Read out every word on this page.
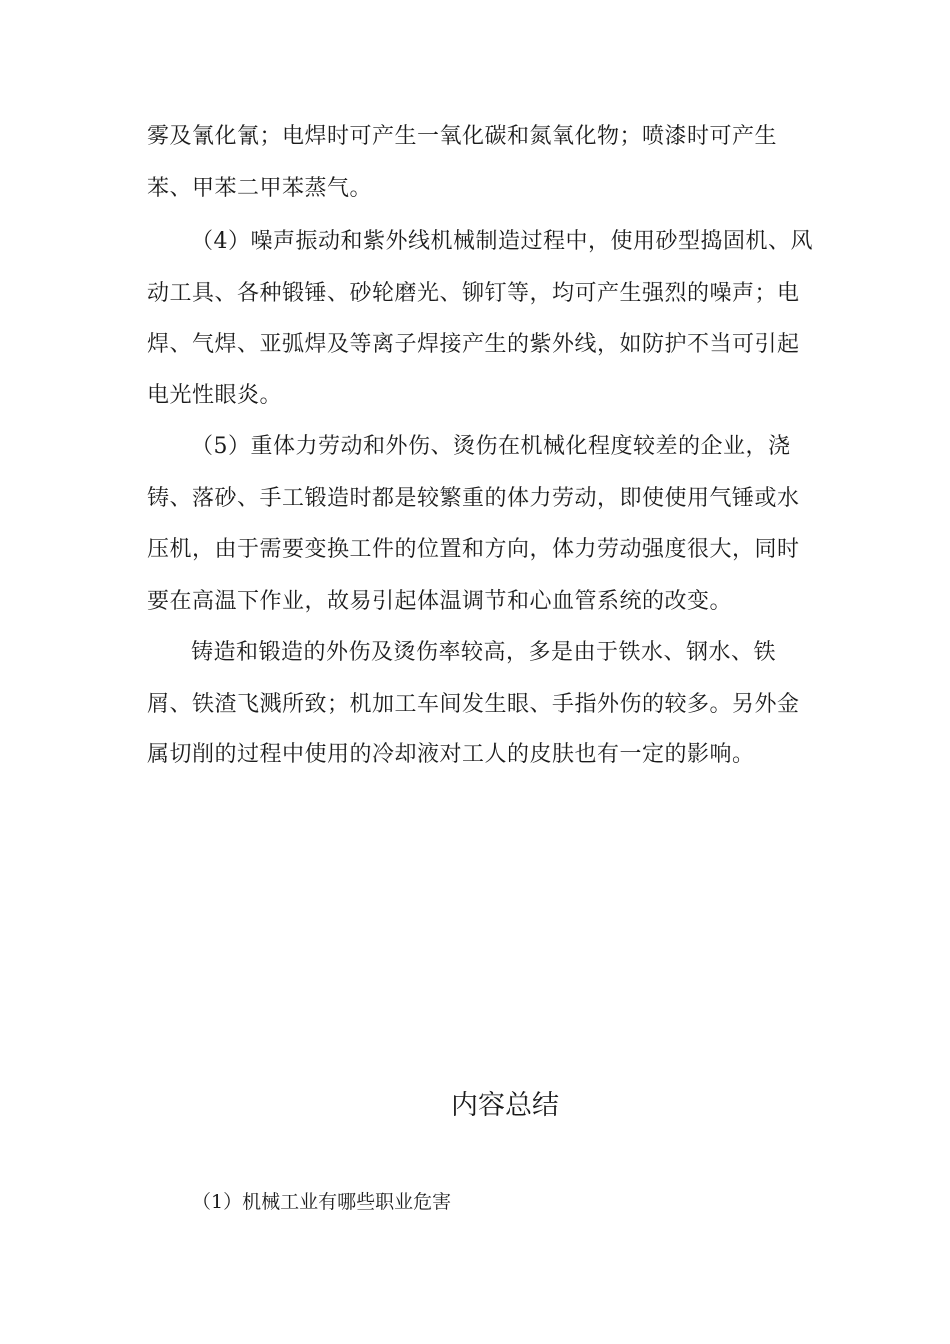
雾及氰化氰；电焊时可产生一氧化碳和氮氧化物；喷漆时可产生
苯、甲苯二甲苯蒸气。
（4）噪声振动和紫外线机械制造过程中，使用砂型捣固机、风
动工具、各种锻锤、砂轮磨光、铆钉等，均可产生强烈的噪声；电
焊、气焊、亚弧焊及等离子焊接产生的紫外线，如防护不当可引起
电光性眼炎。
（5）重体力劳动和外伤、烫伤在机械化程度较差的企业，浇
铸、落砂、手工锻造时都是较繁重的体力劳动，即使使用气锤或水
压机，由于需要变换工件的位置和方向，体力劳动强度很大，同时
要在高温下作业，故易引起体温调节和心血管系统的改变。
铸造和锻造的外伤及烫伤率较高，多是由于铁水、钢水、铁
屑、铁渣飞溅所致；机加工车间发生眼、手指外伤的较多。另外金
属切削的过程中使用的冷却液对工人的皮肤也有一定的影响。
内容总结
（1）机械工业有哪些职业危害
